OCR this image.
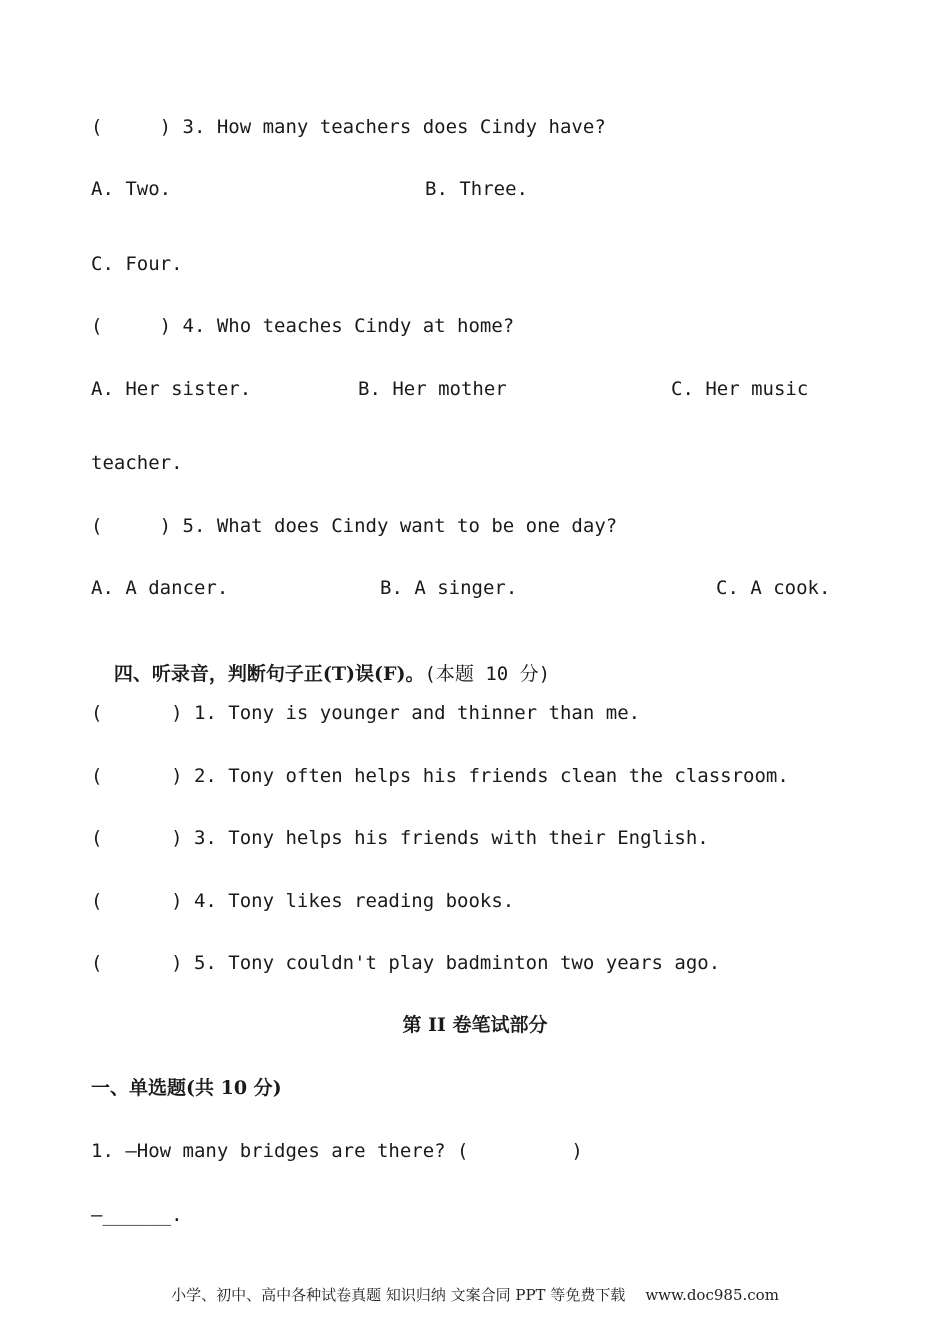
(     ) 3. How many teachers does Cindy have?
A. Two.	B. Three.
C. Four.
(     ) 4. Who teaches Cindy at home?
A. Her sister.	B. Her mother	C. Her music
teacher.
(     ) 5. What does Cindy want to be one day?
A. A dancer.	B. A singer.	C. A cook.

四、听录音，判断句子正(T)误(F)。(本题 10 分)

(      ) 1. Tony is younger and thinner than me.
(      ) 2. Tony often helps his friends clean the classroom.
(      ) 3. Tony helps his friends with their English.
(      ) 4. Tony likes reading books.
(      ) 5. Tony couldn't play badminton two years ago.
第 II 卷笔试部分
一、单选题(共 10 分)
1. —How many bridges are there? (         )
—______.
小学、初中、高中各种试卷真题 知识归纳 文案合同 PPT 等免费下载 www.doc985.com
